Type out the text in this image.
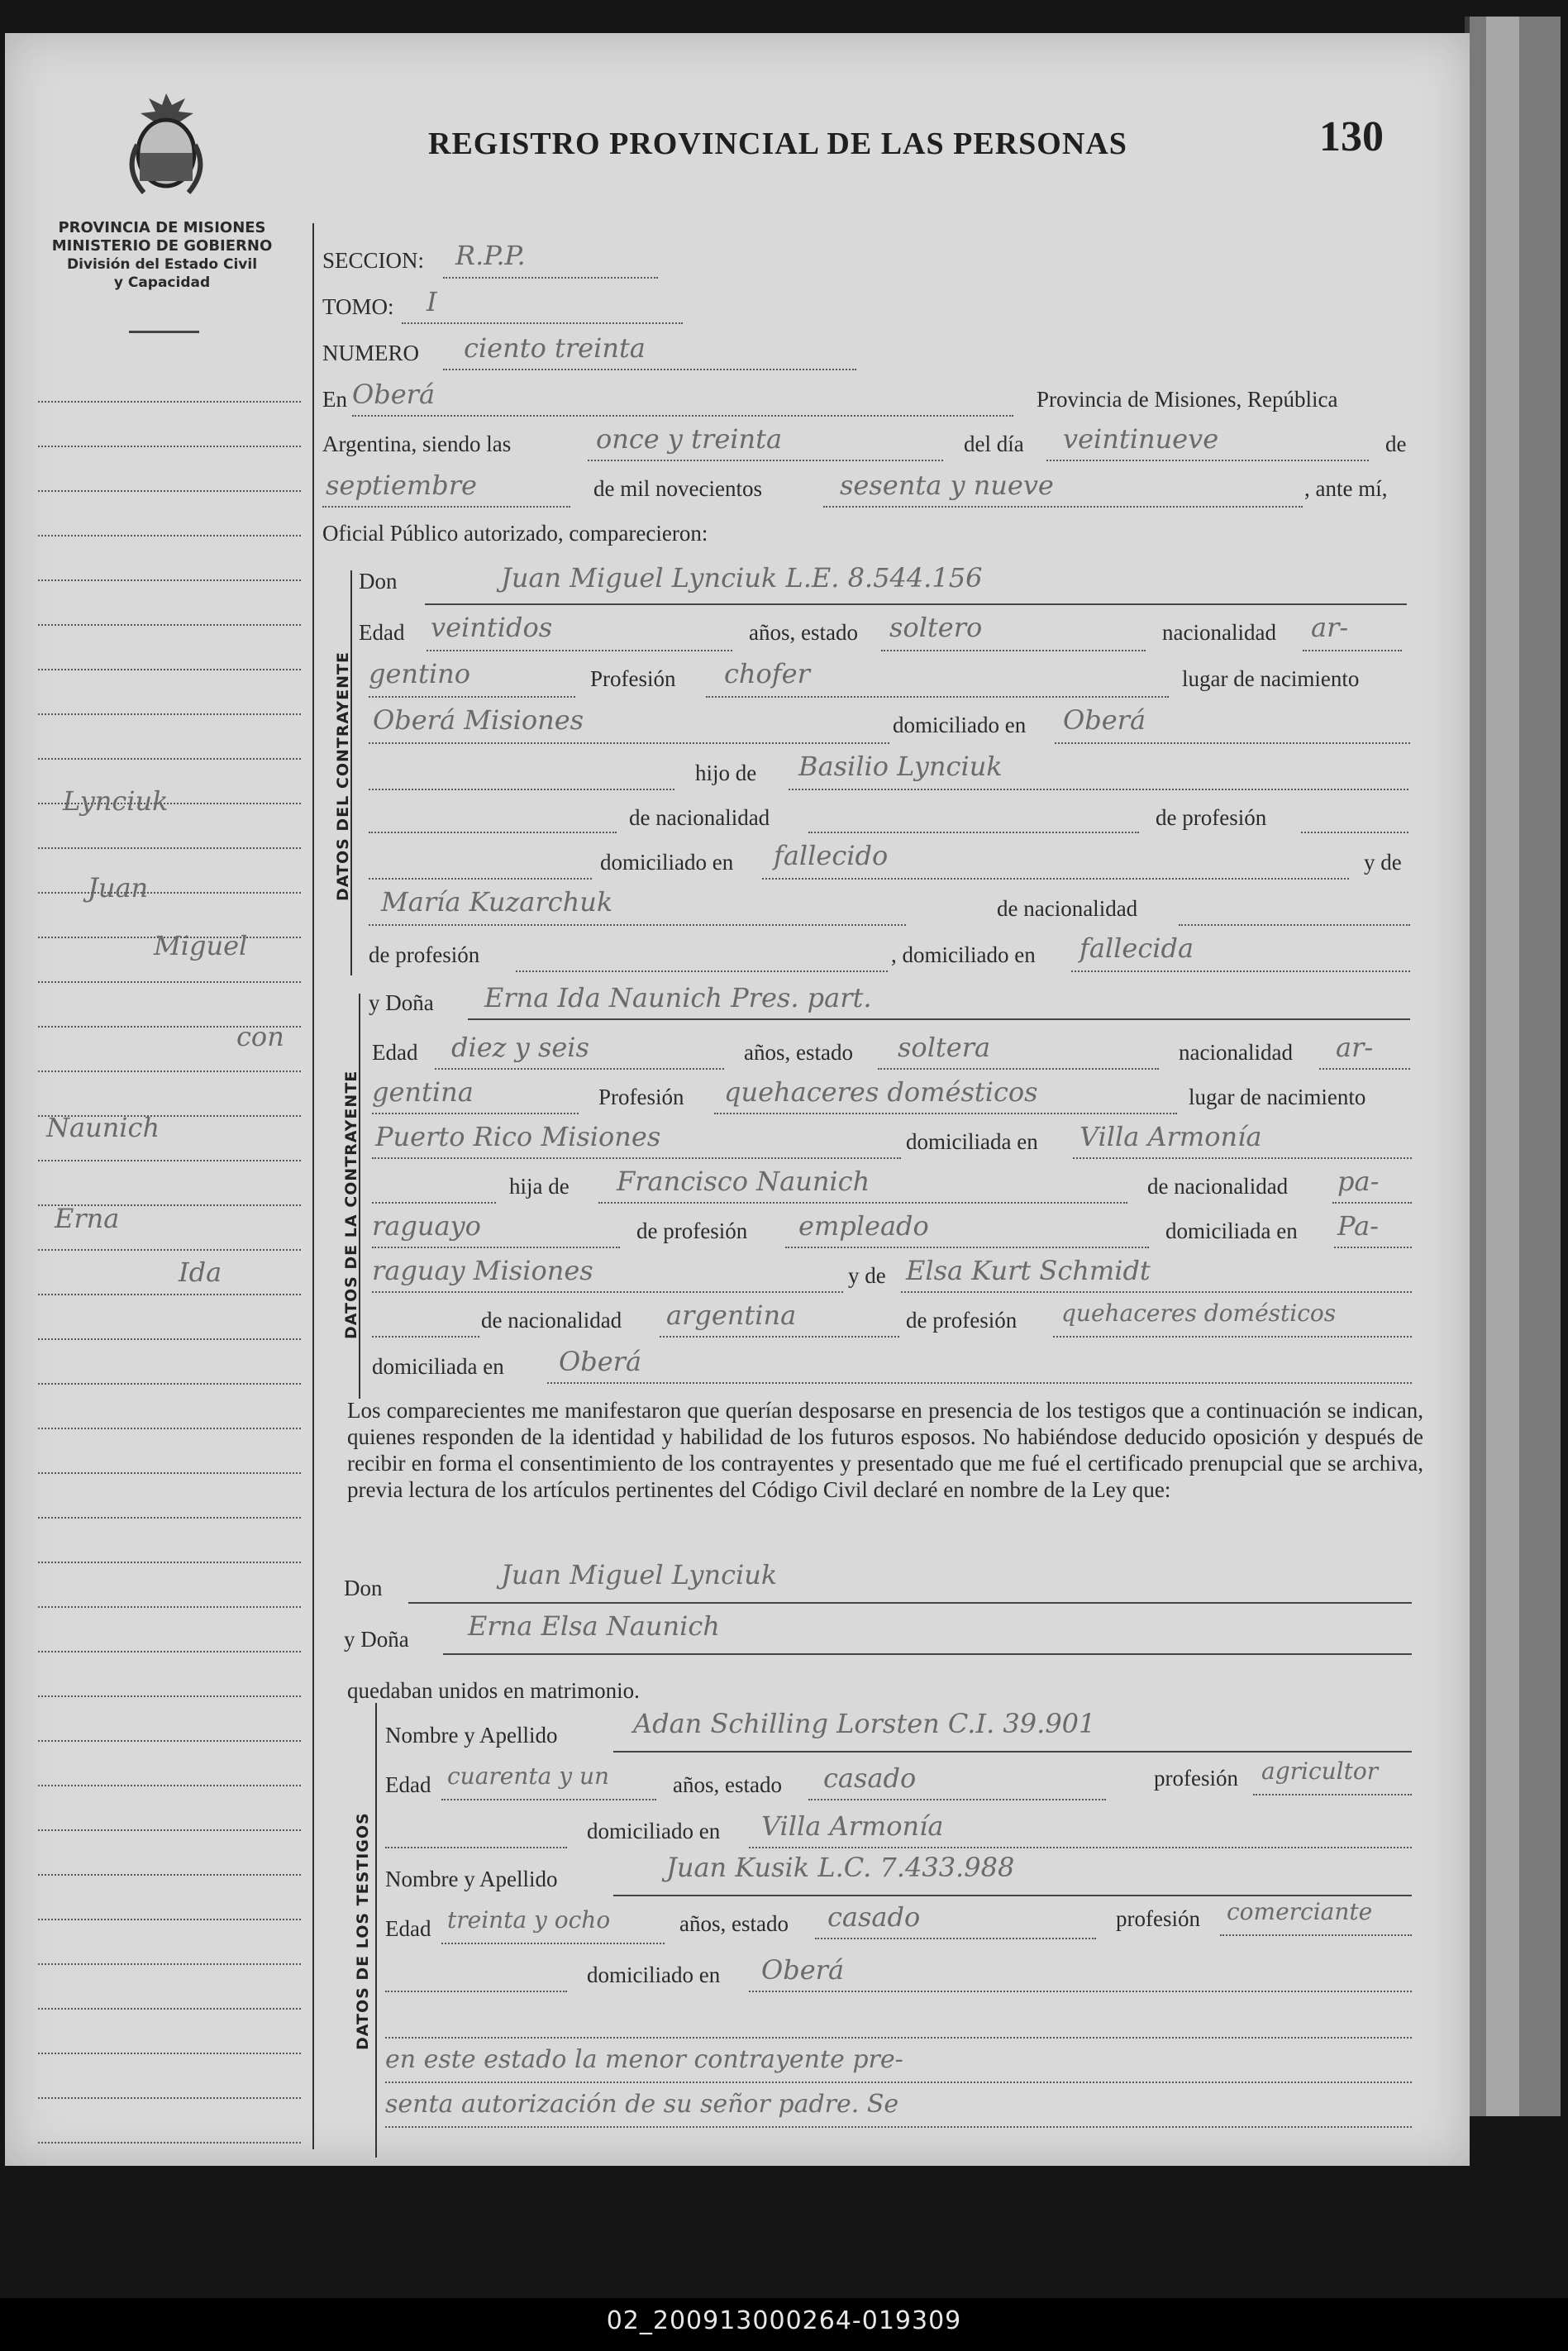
PROVINCIA DE MISIONES
MINISTERIO DE GOBIERNO
División del Estado Civil
y Capacidad
REGISTRO PROVINCIAL DE LAS PERSONAS	130
Lynciuk
Juan
Miguel
con
Naunich
Erna
Ida
SECCION: R.P.P.
TOMO: I
NUMERO ciento treinta
En Oberá	Provincia de Misiones, República
Argentina, siendo las	once y treinta	del día veintinueve	de
septiembre	de mil novecientos	sesenta y nueve	, ante mí,
Oficial Público autorizado, comparecieron:
DATOS DEL CONTRAYENTE
Don	Juan Miguel Lynciuk L.E. 8.544.156
Edad veintidos	años, estado soltero	nacionalidad ar-
gentino	Profesión chofer	lugar de nacimiento
Oberá Misiones	domiciliado en Oberá
hijo de Basilio Lynciuk
de nacionalidad	de profesión
domiciliado en fallecido	y de
María Kuzarchuk	de nacionalidad
de profesión	, domiciliado en fallecida
DATOS DE LA CONTRAYENTE
y Doña Erna Ida Naunich Pres. part.
Edad diez y seis	años, estado soltera	nacionalidad ar-
gentina	Profesión quehaceres domésticos	lugar de nacimiento
Puerto Rico Misiones	domiciliada en Villa Armonía
hija de Francisco Naunich	de nacionalidad pa-
raguayo	de profesión empleado	domiciliada en Pa-
raguay Misiones	y de Elsa Kurt Schmidt
de nacionalidad argentina	de profesión quehaceres domésticos
domiciliada en Oberá
Los comparecientes me manifestaron que querían desposarse en presencia de los testigos que a continuación se indican, quienes responden de la identidad y habilidad de los futuros esposos. No habiéndose deducido oposición y después de recibir en forma el consentimiento de los contrayentes y presentado que me fué el certificado prenupcial que se archiva, previa lectura de los artículos pertinentes del Código Civil declaré en nombre de la Ley que:
Don	Juan Miguel Lynciuk
y Doña Erna Elsa Naunich
quedaban unidos en matrimonio.
DATOS DE LOS TESTIGOS
Nombre y Apellido	Adan Schilling Lorsten C.I. 39.901
Edad cuarenta y un	años, estado casado	profesión agricultor
domiciliado en Villa Armonía
Nombre y Apellido	Juan Kusik L.C. 7.433.988
Edad treinta y ocho	años, estado casado	profesión comerciante
domiciliado en Oberá
en este estado la menor contrayente pre-
senta autorización de su señor padre. Se
02_200913000264-019309
